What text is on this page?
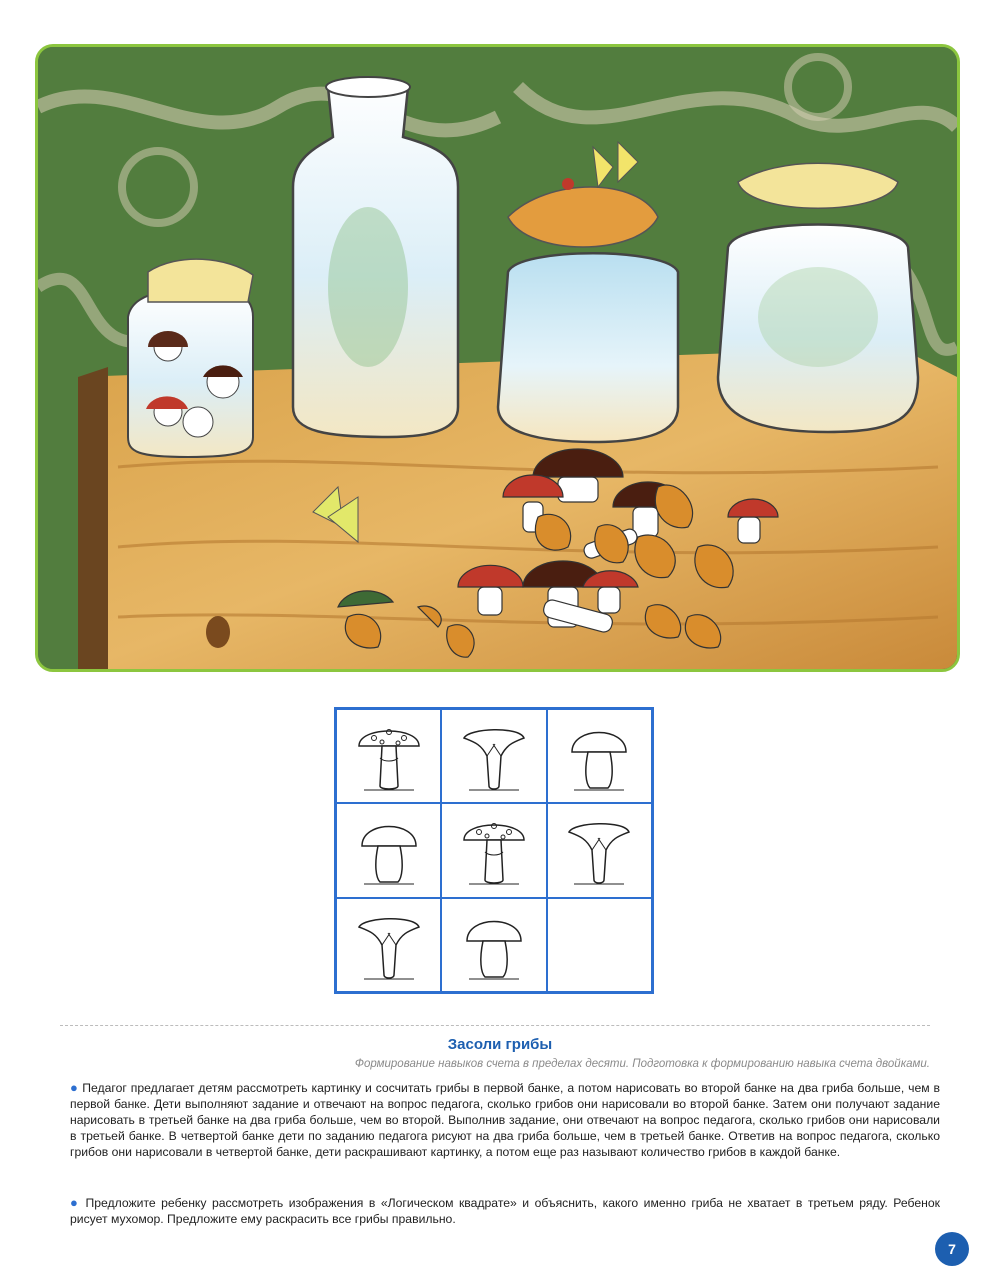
Засоли грибы
Формирование навыков счета в пределах десяти. Подготовка к формированию навыка счета двойками.
● Педагог предлагает детям рассмотреть картинку и сосчитать грибы в первой банке, а потом нарисовать во второй банке на два гриба больше, чем в первой банке. Дети выполняют задание и отвечают на вопрос педагога, сколько грибов они нарисовали во второй банке. Затем они получают задание нарисовать в третьей банке на два гриба больше, чем во второй. Выполнив задание, они отвечают на вопрос педагога, сколько грибов они нарисовали в третьей банке. В четвертой банке дети по заданию педагога рисуют на два гриба больше, чем в третьей банке. Ответив на вопрос педагога, сколько грибов они нарисовали в четвертой банке, дети раскрашивают картинку, а потом еще раз называют количество грибов в каждой банке.
● Предложите ребенку рассмотреть изображения в «Логическом квадрате» и объяснить, какого именно гриба не хватает в третьем ряду. Ребенок рисует мухомор. Предложите ему раскрасить все грибы правильно.
7
